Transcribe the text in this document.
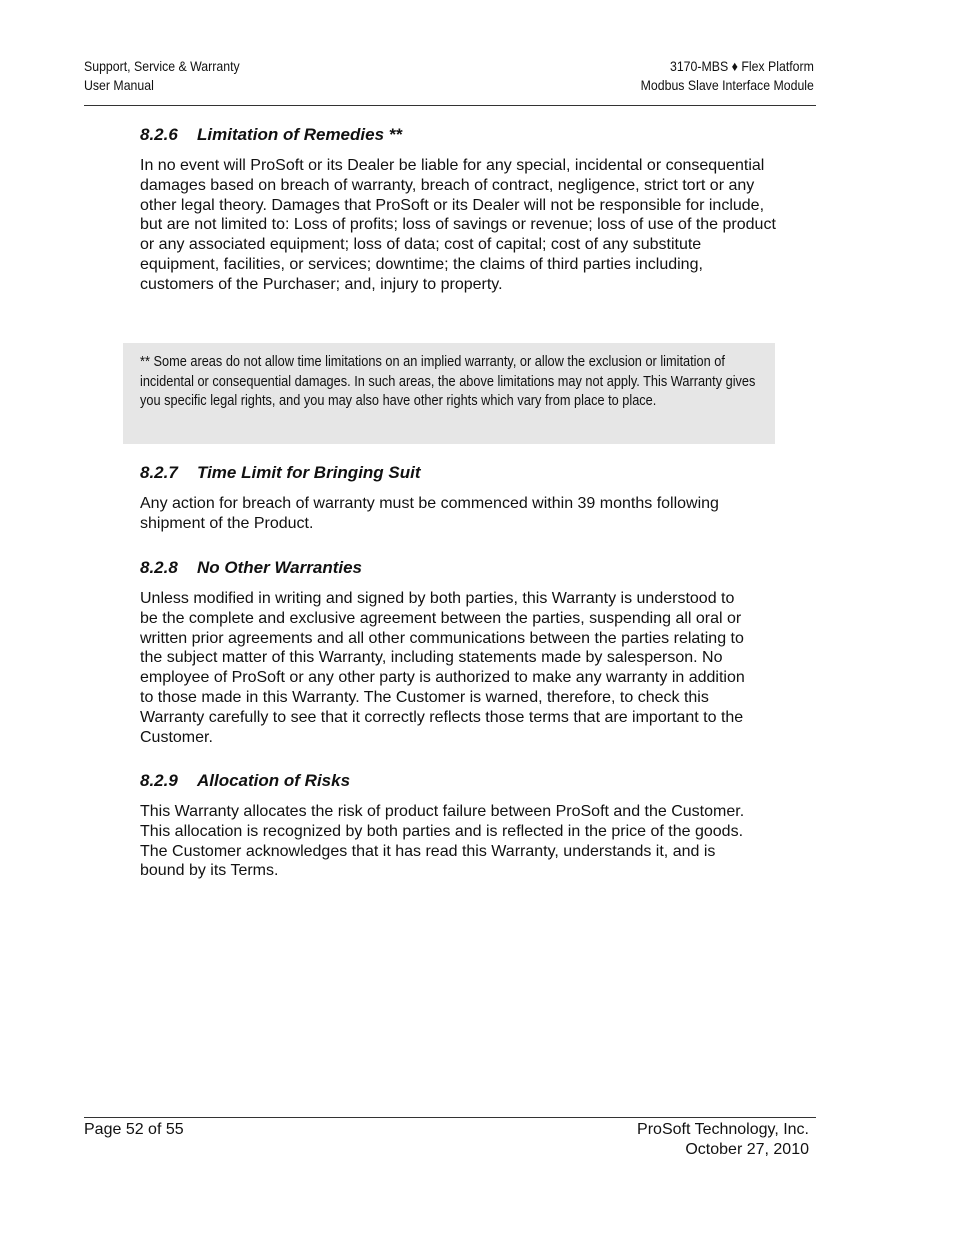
Support, Service & Warranty
User Manual
3170-MBS ♦ Flex Platform
Modbus Slave Interface Module
8.2.6 Limitation of Remedies **

In no event will ProSoft or its Dealer be liable for any special, incidental or consequential damages based on breach of warranty, breach of contract, negligence, strict tort or any other legal theory. Damages that ProSoft or its Dealer will not be responsible for include, but are not limited to: Loss of profits; loss of savings or revenue; loss of use of the product or any associated equipment; loss of data; cost of capital; cost of any substitute equipment, facilities, or services; downtime; the claims of third parties including, customers of the Purchaser; and, injury to property.

** Some areas do not allow time limitations on an implied warranty, or allow the exclusion or limitation of incidental or consequential damages. In such areas, the above limitations may not apply. This Warranty gives you specific legal rights, and you may also have other rights which vary from place to place.
8.2.7 Time Limit for Bringing Suit

Any action for breach of warranty must be commenced within 39 months following shipment of the Product.

8.2.8 No Other Warranties

Unless modified in writing and signed by both parties, this Warranty is understood to be the complete and exclusive agreement between the parties, suspending all oral or written prior agreements and all other communications between the parties relating to the subject matter of this Warranty, including statements made by salesperson. No employee of ProSoft or any other party is authorized to make any warranty in addition to those made in this Warranty. The Customer is warned, therefore, to check this Warranty carefully to see that it correctly reflects those terms that are important to the Customer.

8.2.9 Allocation of Risks

This Warranty allocates the risk of product failure between ProSoft and the Customer. This allocation is recognized by both parties and is reflected in the price of the goods. The Customer acknowledges that it has read this Warranty, understands it, and is bound by its Terms.

Page 52 of 55	ProSoft Technology, Inc.
October 27, 2010
